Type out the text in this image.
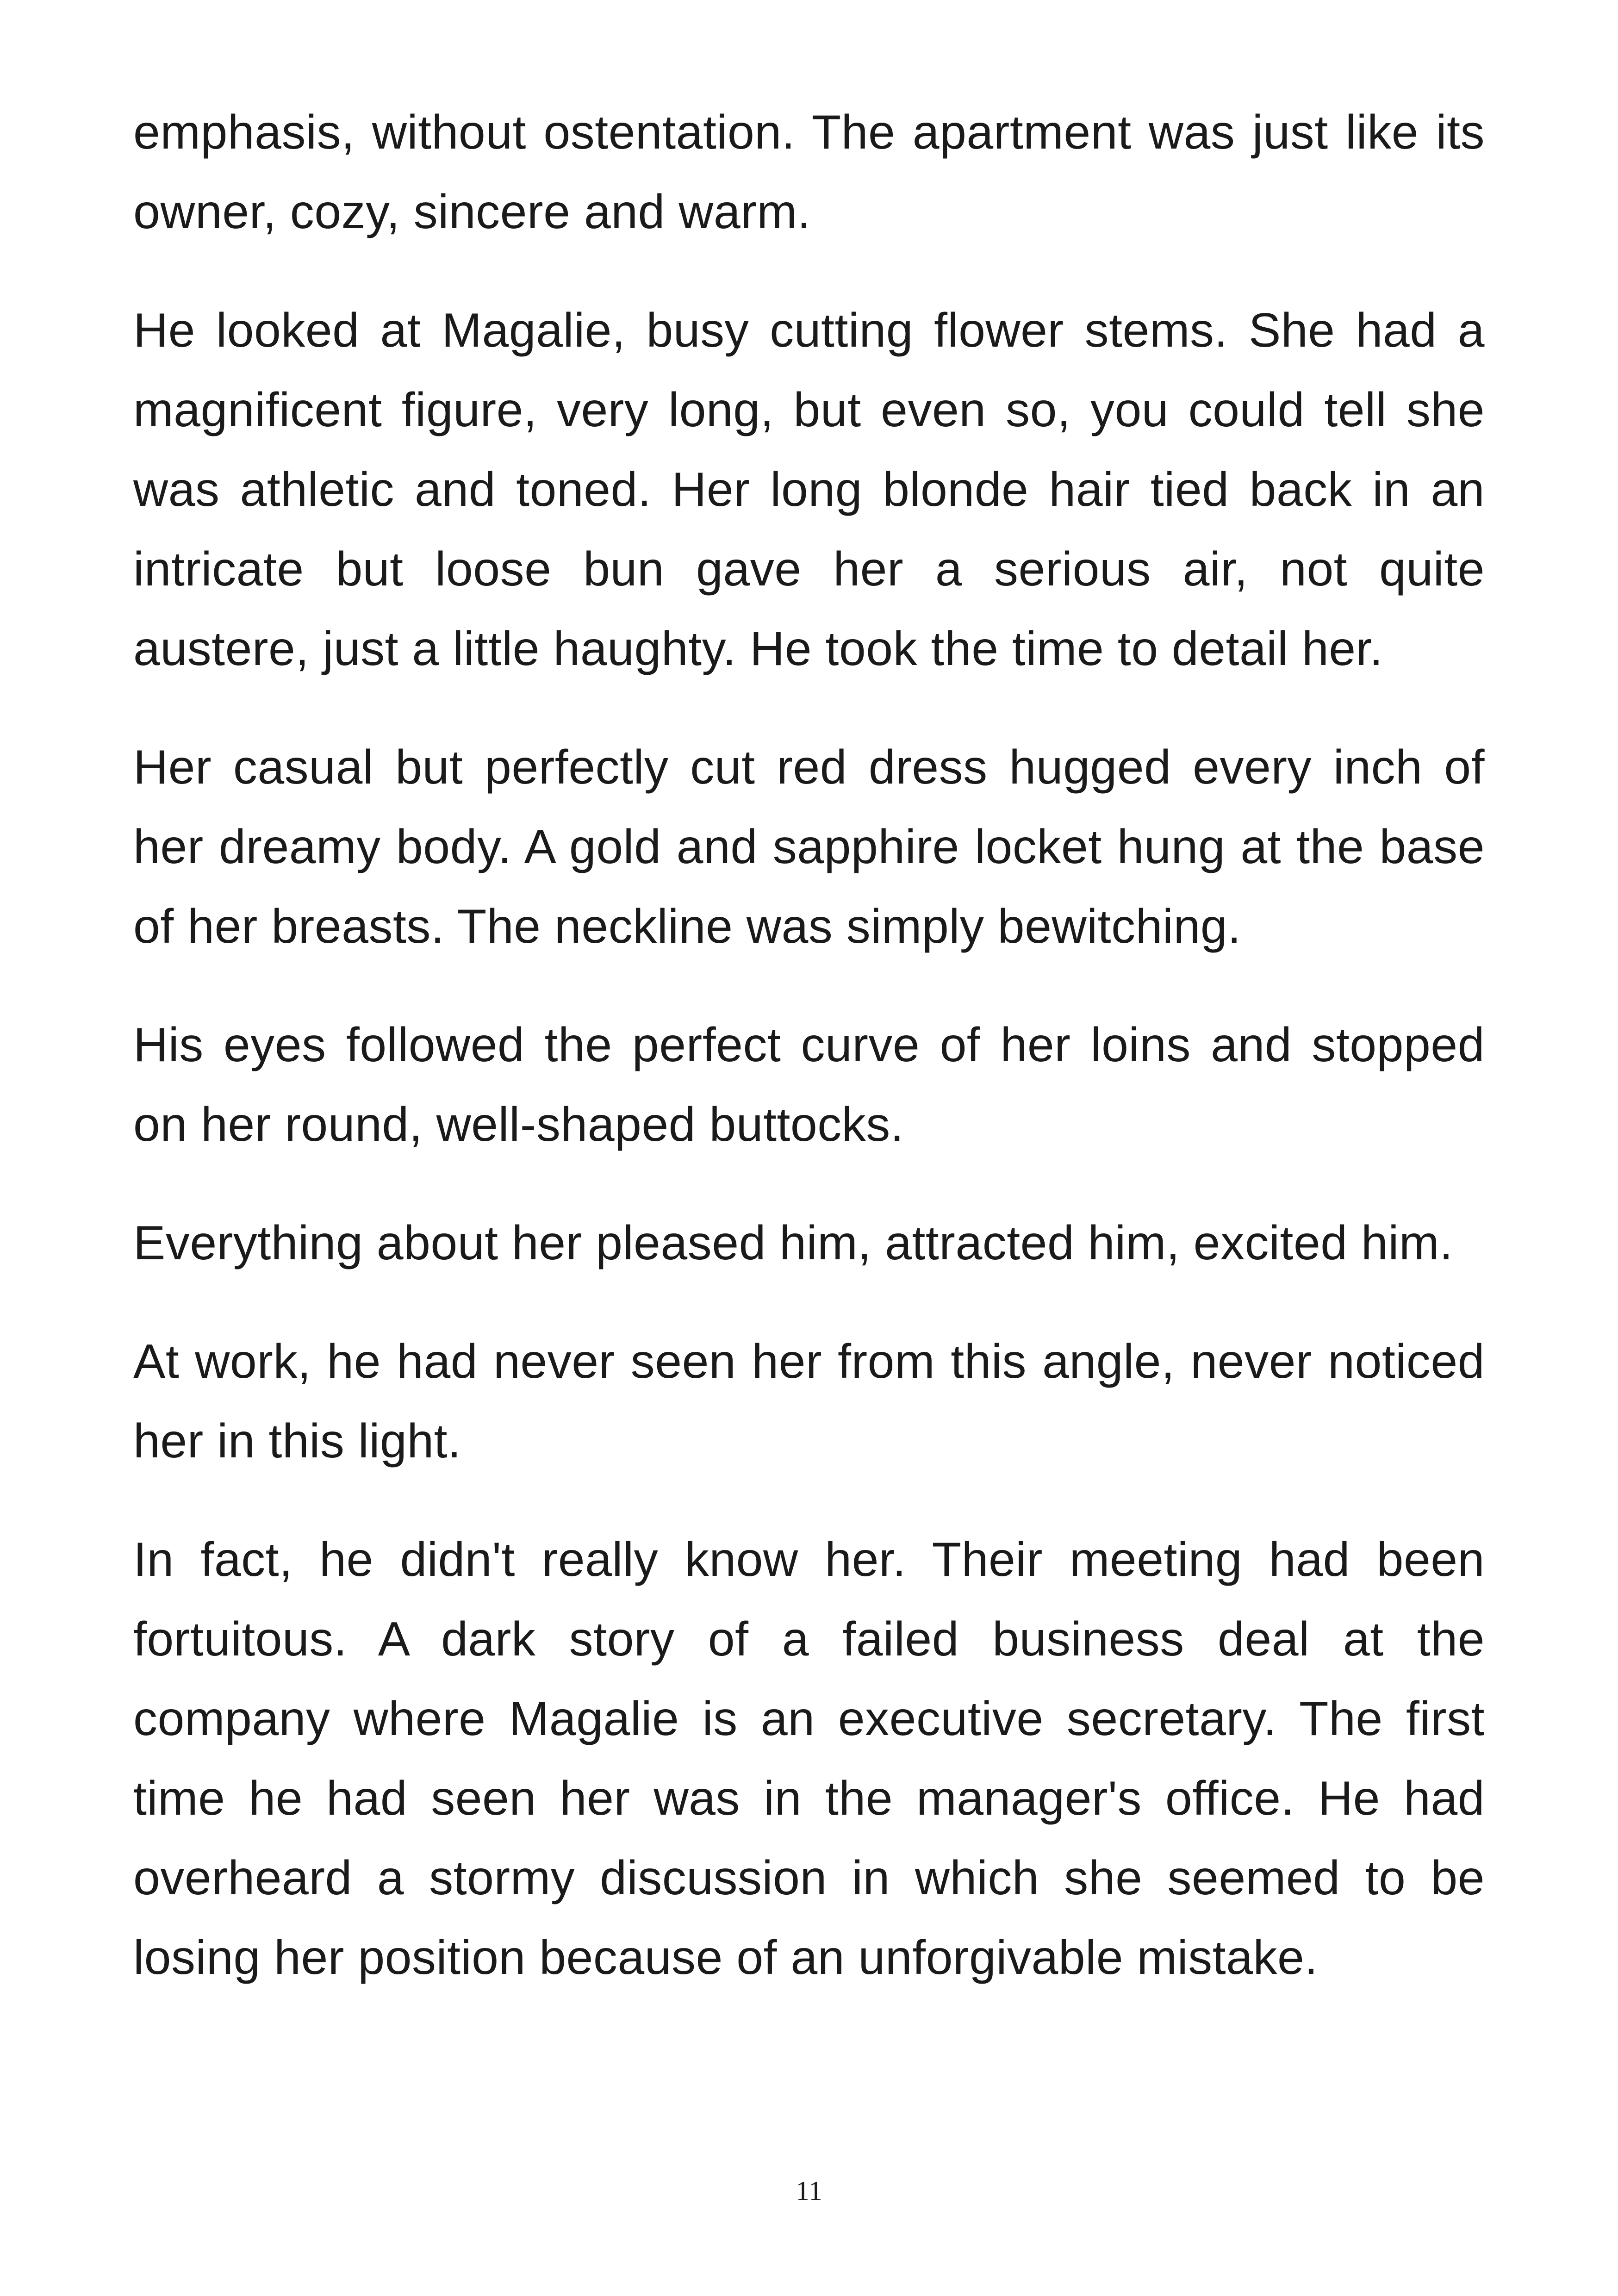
emphasis, without ostentation. The apartment was just like its owner, cozy, sincere and warm.

He looked at Magalie, busy cutting flower stems. She had a magnificent figure, very long, but even so, you could tell she was athletic and toned. Her long blonde hair tied back in an intricate but loose bun gave her a serious air, not quite austere, just a little haughty. He took the time to detail her.

Her casual but perfectly cut red dress hugged every inch of her dreamy body. A gold and sapphire locket hung at the base of her breasts. The neckline was simply bewitching.

His eyes followed the perfect curve of her loins and stopped on her round, well-shaped buttocks.

Everything about her pleased him, attracted him, excited him.

At work, he had never seen her from this angle, never noticed her in this light.

In fact, he didn't really know her. Their meeting had been fortuitous. A dark story of a failed business deal at the company where Magalie is an executive secretary. The first time he had seen her was in the manager's office. He had overheard a stormy discussion in which she seemed to be losing her position because of an unforgivable mistake.

11
